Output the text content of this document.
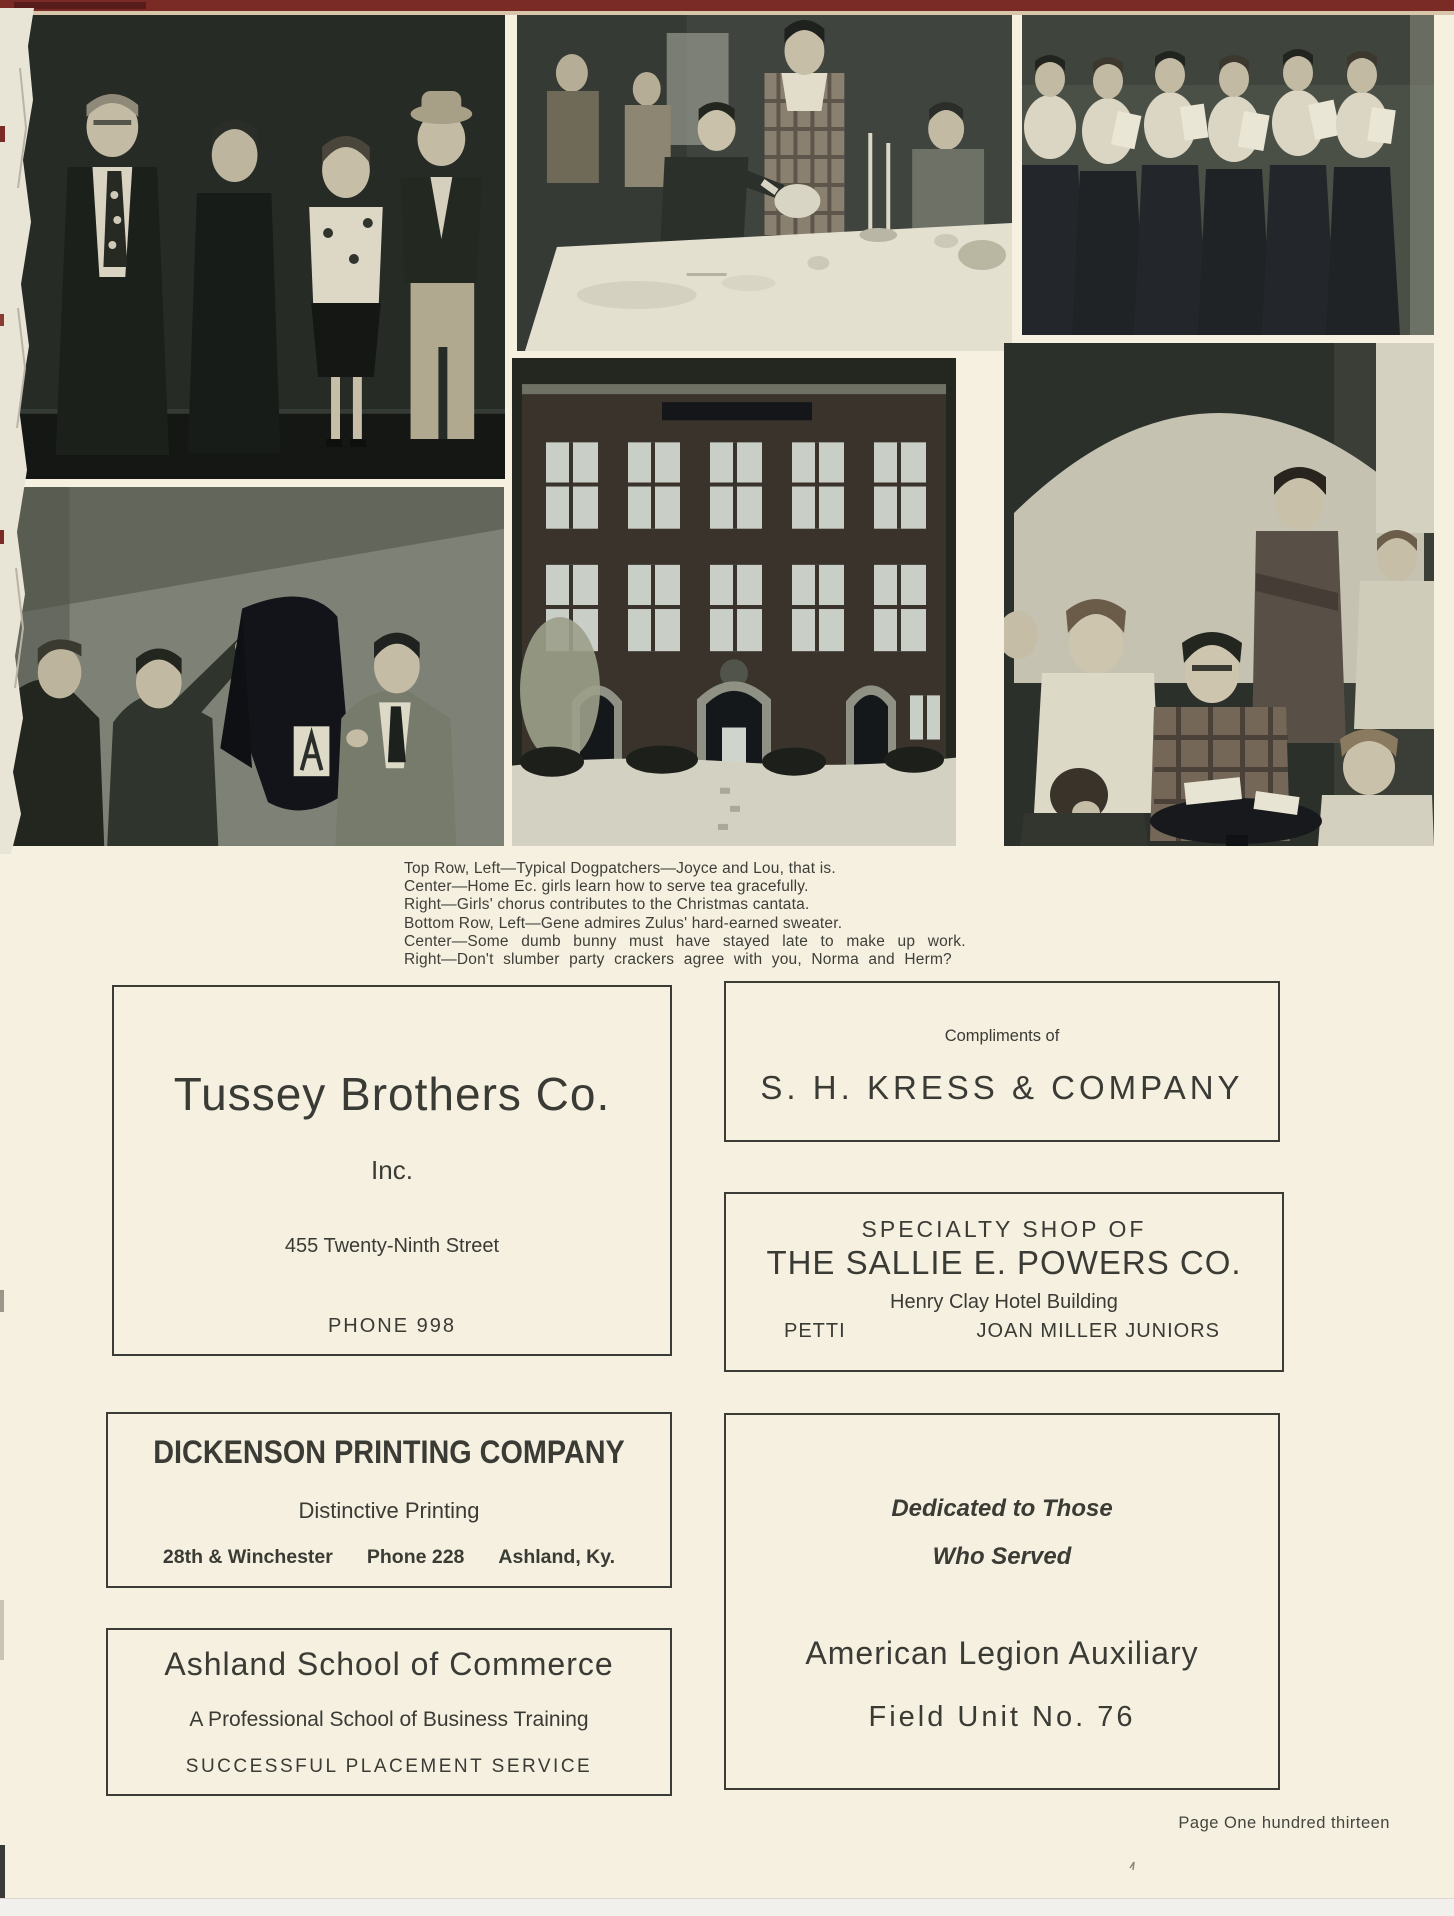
Top Row, Left—Typical Dogpatchers—Joyce and Lou, that is.
Center—Home Ec. girls learn how to serve tea gracefully.
Right—Girls' chorus contributes to the Christmas cantata.
Bottom Row, Left—Gene admires Zulus' hard-earned sweater.
Center—Some dumb bunny must have stayed late to make up work.
Right—Don't slumber party crackers agree with you, Norma and Herm?
Tussey Brothers Co.
Inc.
455 Twenty-Ninth Street
PHONE 998
Compliments of
S. H. KRESS & COMPANY
SPECIALTY SHOP OF
THE SALLIE E. POWERS CO.
Henry Clay Hotel Building
PETTI	JOAN MILLER JUNIORS
DICKENSON PRINTING COMPANY
Distinctive Printing
28th & Winchester Phone 228 Ashland, Ky.
Ashland School of Commerce
A Professional School of Business Training
SUCCESSFUL PLACEMENT SERVICE
Dedicated to Those
Who Served
American Legion Auxiliary
Field Unit No. 76
Page One hundred thirteen
